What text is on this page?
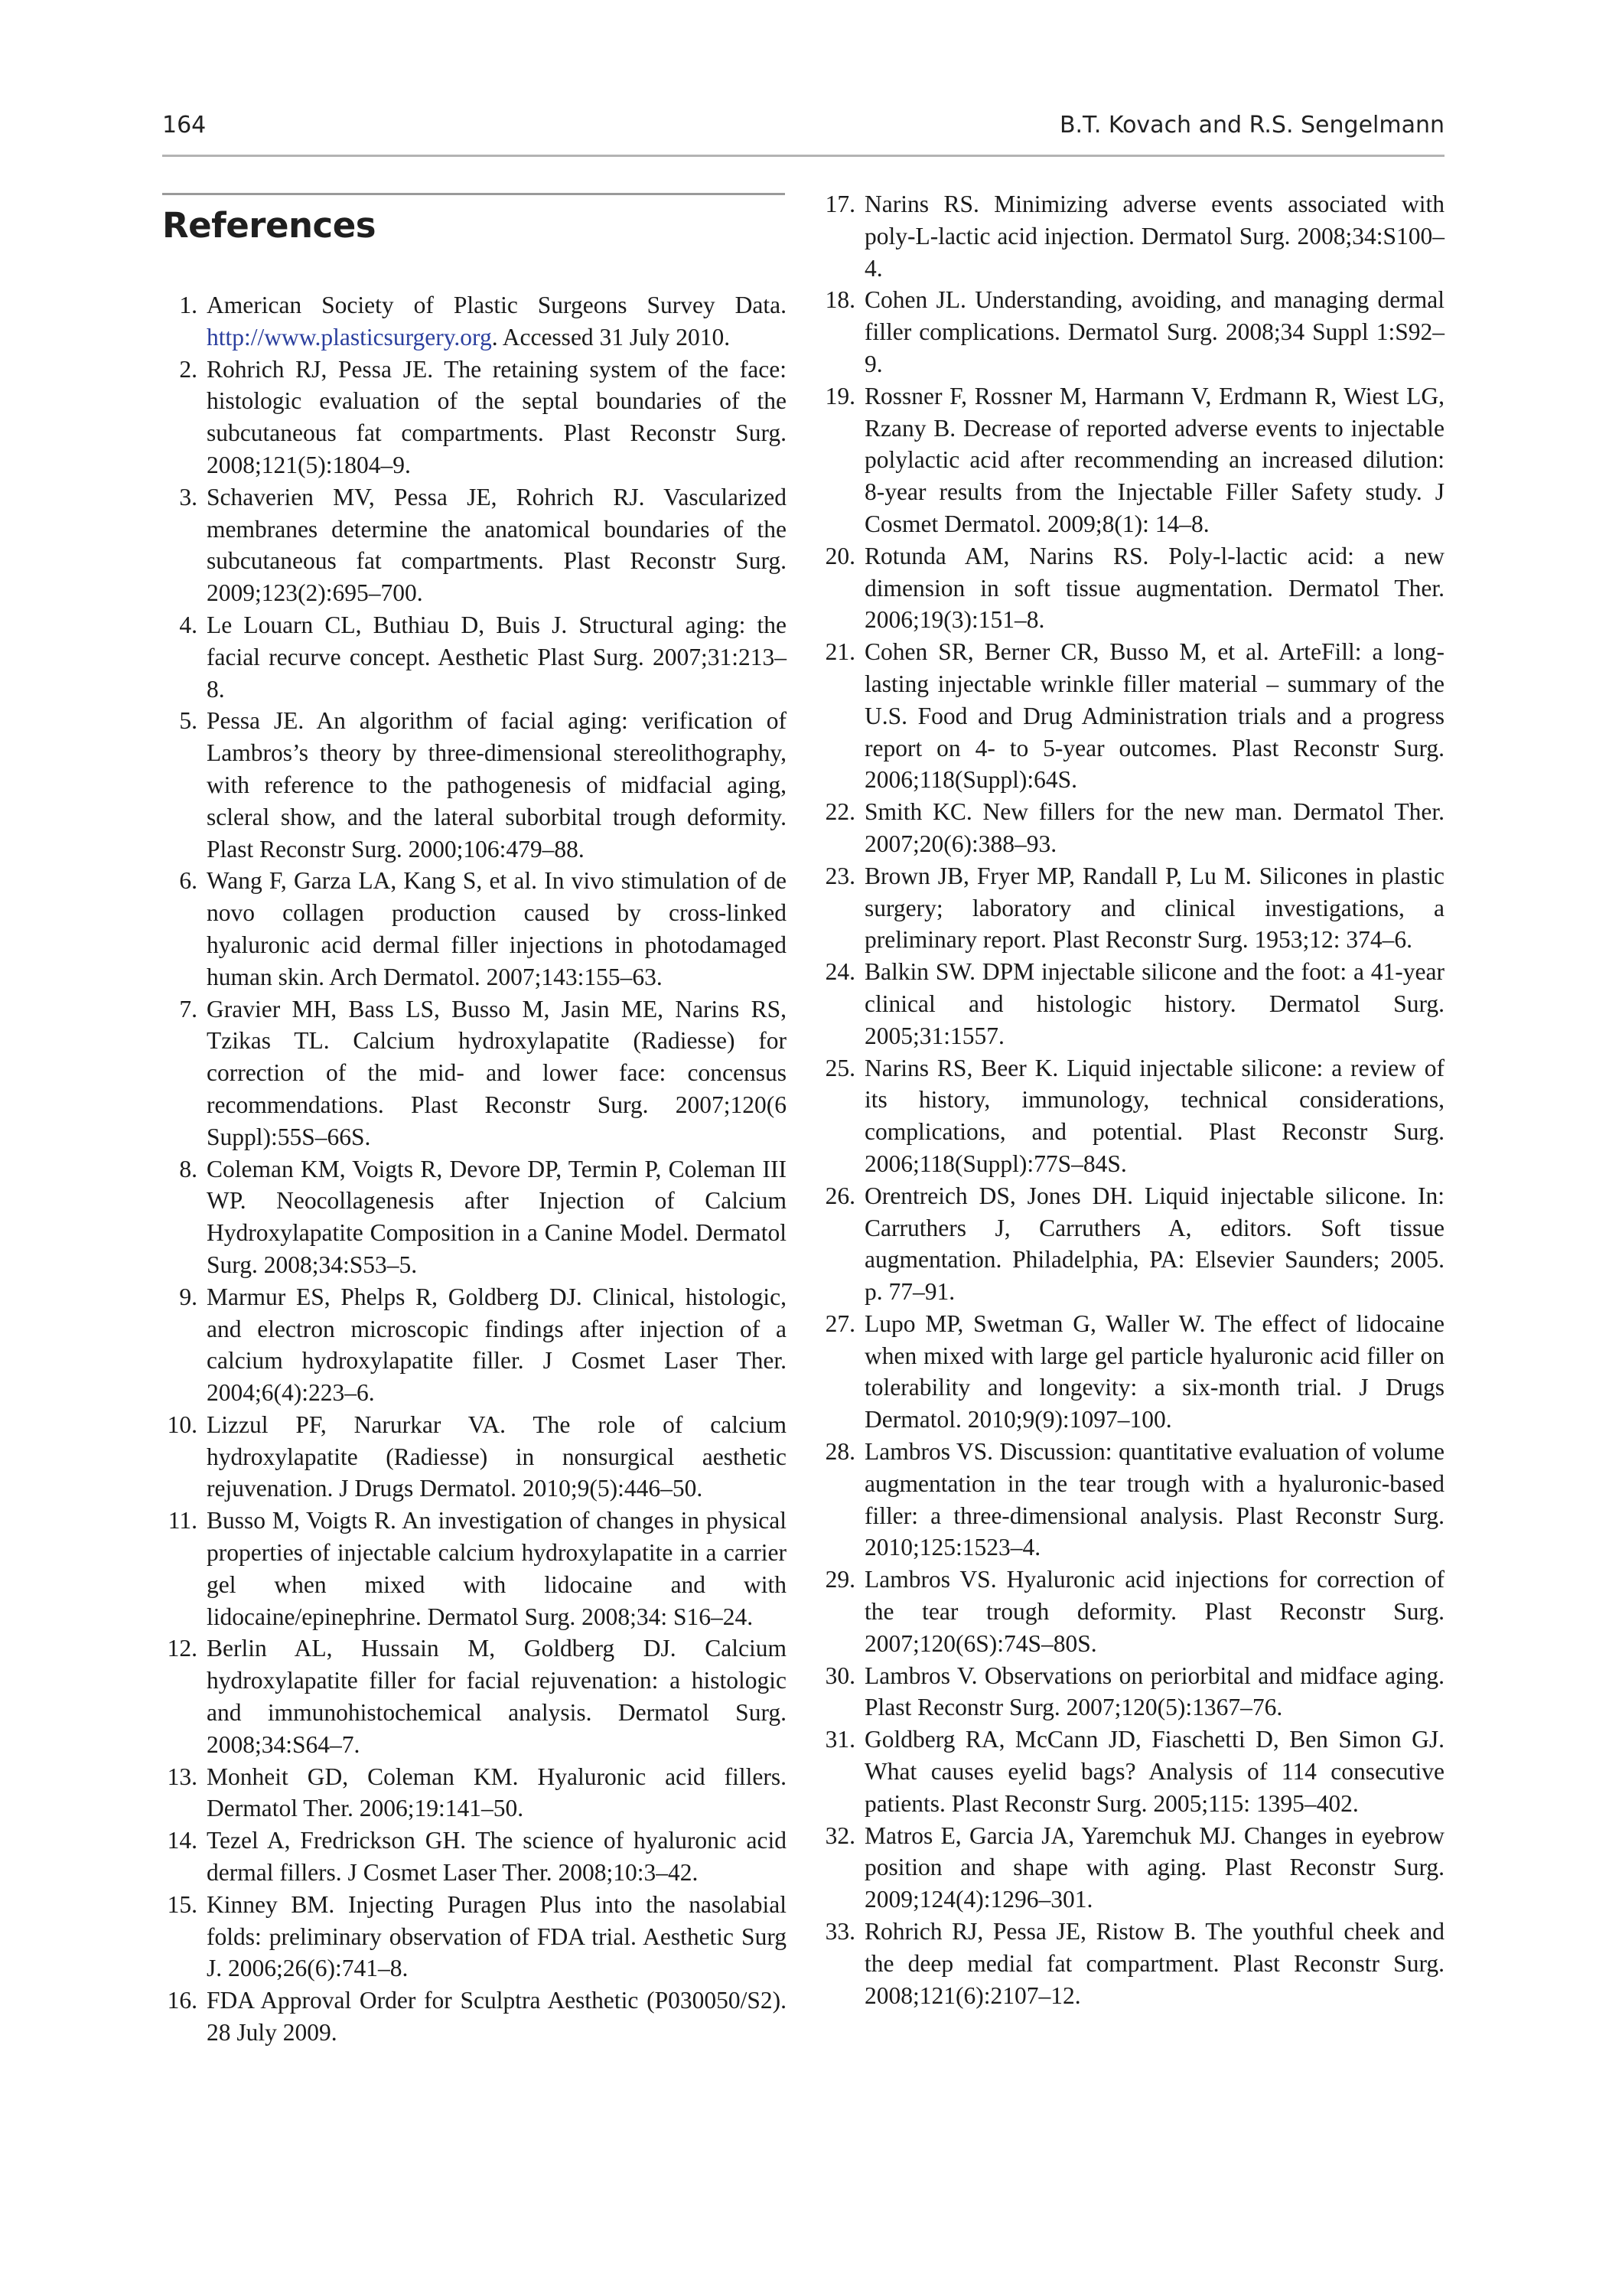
164	B.T. Kovach and R.S. Sengelmann
References
1. American Society of Plastic Surgeons Survey Data. http://www.plasticsurgery.org. Accessed 31 July 2010.
2. Rohrich RJ, Pessa JE. The retaining system of the face: histologic evaluation of the septal boundaries of the subcutaneous fat compartments. Plast Reconstr Surg. 2008;121(5):1804–9.
3. Schaverien MV, Pessa JE, Rohrich RJ. Vascularized membranes determine the anatomical boundaries of the subcutaneous fat compartments. Plast Reconstr Surg. 2009;123(2):695–700.
4. Le Louarn CL, Buthiau D, Buis J. Structural aging: the facial recurve concept. Aesthetic Plast Surg. 2007;31:213–8.
5. Pessa JE. An algorithm of facial aging: verification of Lambros’s theory by three-dimensional stereolithography, with reference to the pathogenesis of midfacial aging, scleral show, and the lateral suborbital trough deformity. Plast Reconstr Surg. 2000;106:479–88.
6. Wang F, Garza LA, Kang S, et al. In vivo stimulation of de novo collagen production caused by cross-linked hyaluronic acid dermal filler injections in photodamaged human skin. Arch Dermatol. 2007;143:155–63.
7. Gravier MH, Bass LS, Busso M, Jasin ME, Narins RS, Tzikas TL. Calcium hydroxylapatite (Radiesse) for correction of the mid- and lower face: concensus recommendations. Plast Reconstr Surg. 2007;120(6 Suppl):55S–66S.
8. Coleman KM, Voigts R, Devore DP, Termin P, Coleman III WP. Neocollagenesis after Injection of Calcium Hydroxylapatite Composition in a Canine Model. Dermatol Surg. 2008;34:S53–5.
9. Marmur ES, Phelps R, Goldberg DJ. Clinical, histologic, and electron microscopic findings after injection of a calcium hydroxylapatite filler. J Cosmet Laser Ther. 2004;6(4):223–6.
10. Lizzul PF, Narurkar VA. The role of calcium hydroxylapatite (Radiesse) in nonsurgical aesthetic rejuvenation. J Drugs Dermatol. 2010;9(5):446–50.
11. Busso M, Voigts R. An investigation of changes in physical properties of injectable calcium hydroxylapatite in a carrier gel when mixed with lidocaine and with lidocaine/epinephrine. Dermatol Surg. 2008;34: S16–24.
12. Berlin AL, Hussain M, Goldberg DJ. Calcium hydroxylapatite filler for facial rejuvenation: a histologic and immunohistochemical analysis. Dermatol Surg. 2008;34:S64–7.
13. Monheit GD, Coleman KM. Hyaluronic acid fillers. Dermatol Ther. 2006;19:141–50.
14. Tezel A, Fredrickson GH. The science of hyaluronic acid dermal fillers. J Cosmet Laser Ther. 2008;10:3–42.
15. Kinney BM. Injecting Puragen Plus into the nasolabial folds: preliminary observation of FDA trial. Aesthetic Surg J. 2006;26(6):741–8.
16. FDA Approval Order for Sculptra Aesthetic (P030050/S2). 28 July 2009.
17. Narins RS. Minimizing adverse events associated with poly-L-lactic acid injection. Dermatol Surg. 2008;34:S100–4.
18. Cohen JL. Understanding, avoiding, and managing dermal filler complications. Dermatol Surg. 2008;34 Suppl 1:S92–9.
19. Rossner F, Rossner M, Harmann V, Erdmann R, Wiest LG, Rzany B. Decrease of reported adverse events to injectable polylactic acid after recommending an increased dilution: 8-year results from the Injectable Filler Safety study. J Cosmet Dermatol. 2009;8(1): 14–8.
20. Rotunda AM, Narins RS. Poly-l-lactic acid: a new dimension in soft tissue augmentation. Dermatol Ther. 2006;19(3):151–8.
21. Cohen SR, Berner CR, Busso M, et al. ArteFill: a long-lasting injectable wrinkle filler material – summary of the U.S. Food and Drug Administration trials and a progress report on 4- to 5-year outcomes. Plast Reconstr Surg. 2006;118(Suppl):64S.
22. Smith KC. New fillers for the new man. Dermatol Ther. 2007;20(6):388–93.
23. Brown JB, Fryer MP, Randall P, Lu M. Silicones in plastic surgery; laboratory and clinical investigations, a preliminary report. Plast Reconstr Surg. 1953;12: 374–6.
24. Balkin SW. DPM injectable silicone and the foot: a 41-year clinical and histologic history. Dermatol Surg. 2005;31:1557.
25. Narins RS, Beer K. Liquid injectable silicone: a review of its history, immunology, technical considerations, complications, and potential. Plast Reconstr Surg. 2006;118(Suppl):77S–84S.
26. Orentreich DS, Jones DH. Liquid injectable silicone. In: Carruthers J, Carruthers A, editors. Soft tissue augmentation. Philadelphia, PA: Elsevier Saunders; 2005. p. 77–91.
27. Lupo MP, Swetman G, Waller W. The effect of lidocaine when mixed with large gel particle hyaluronic acid filler on tolerability and longevity: a six-month trial. J Drugs Dermatol. 2010;9(9):1097–100.
28. Lambros VS. Discussion: quantitative evaluation of volume augmentation in the tear trough with a hyaluronic-based filler: a three-dimensional analysis. Plast Reconstr Surg. 2010;125:1523–4.
29. Lambros VS. Hyaluronic acid injections for correction of the tear trough deformity. Plast Reconstr Surg. 2007;120(6S):74S–80S.
30. Lambros V. Observations on periorbital and midface aging. Plast Reconstr Surg. 2007;120(5):1367–76.
31. Goldberg RA, McCann JD, Fiaschetti D, Ben Simon GJ. What causes eyelid bags? Analysis of 114 consecutive patients. Plast Reconstr Surg. 2005;115: 1395–402.
32. Matros E, Garcia JA, Yaremchuk MJ. Changes in eyebrow position and shape with aging. Plast Reconstr Surg. 2009;124(4):1296–301.
33. Rohrich RJ, Pessa JE, Ristow B. The youthful cheek and the deep medial fat compartment. Plast Reconstr Surg. 2008;121(6):2107–12.
